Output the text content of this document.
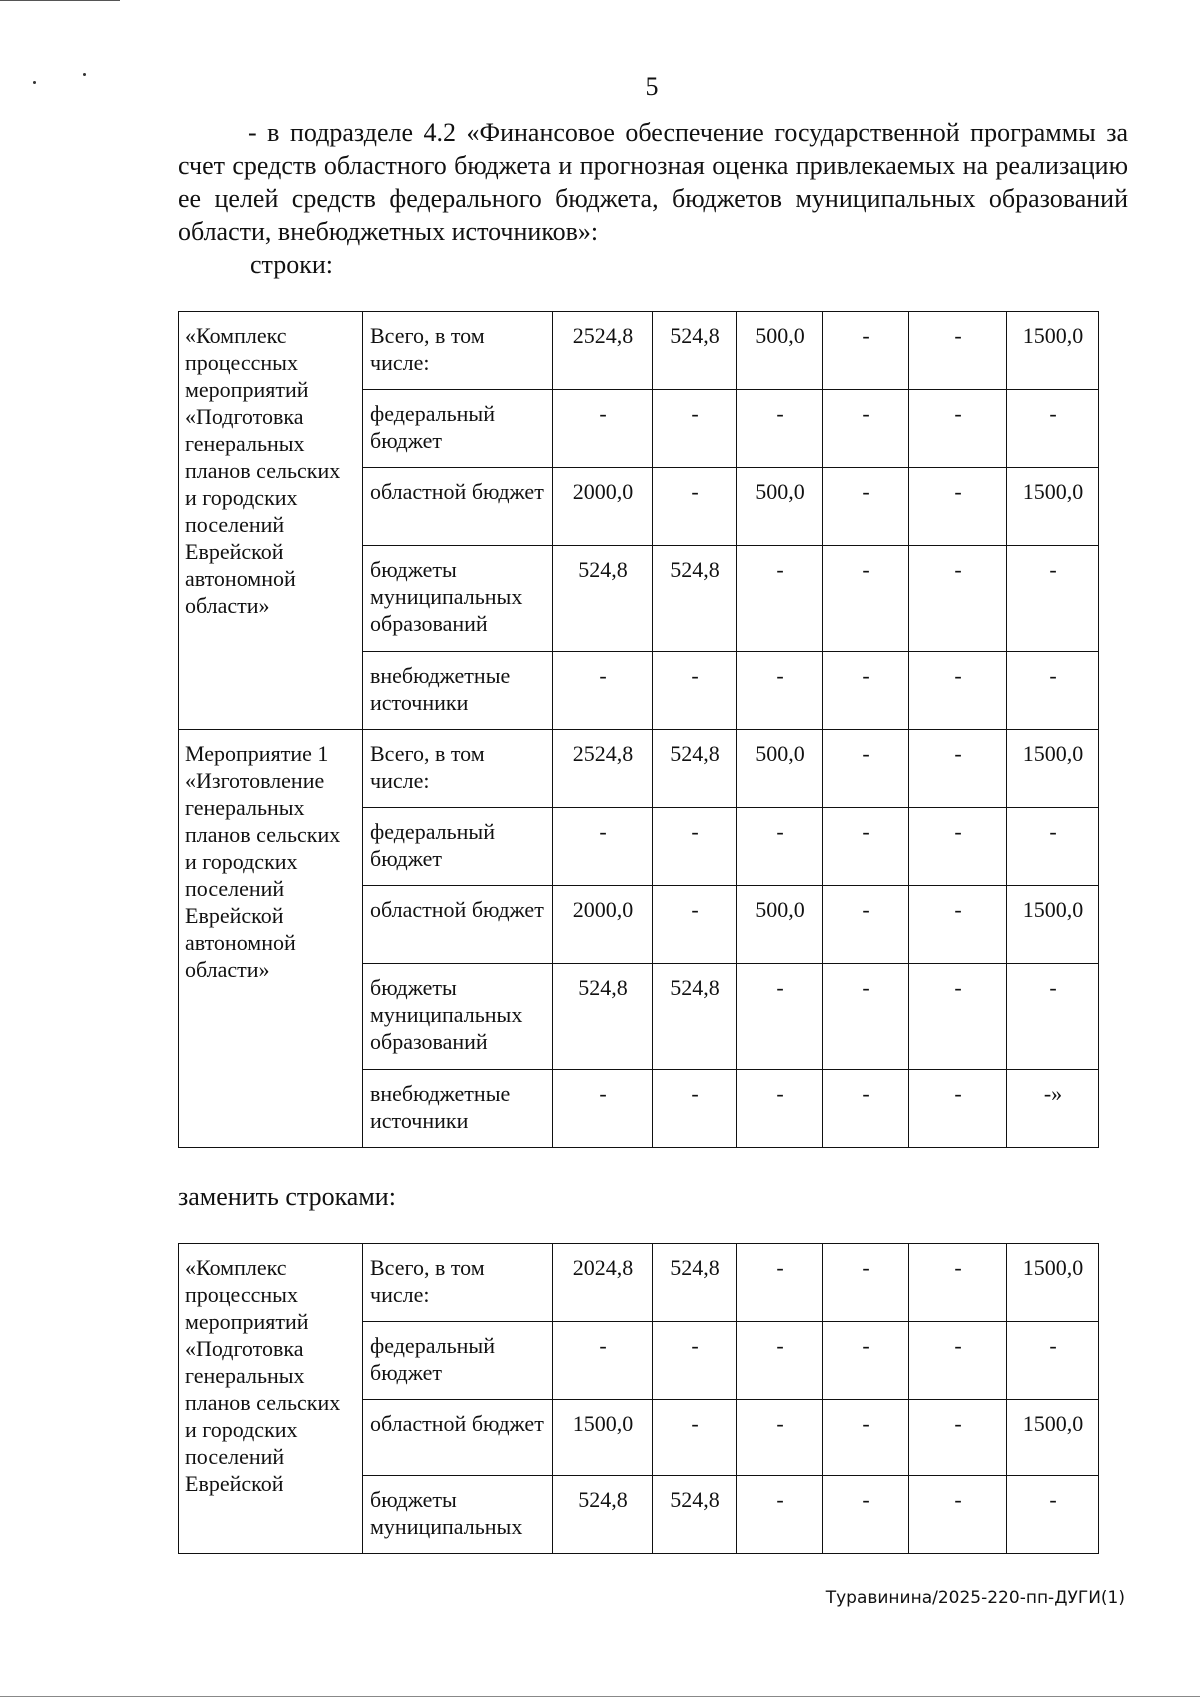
5

- в подразделе 4.2 «Финансовое обеспечение государственной программы за счет средств областного бюджета и прогнозная оценка привлекаемых на реализацию ее целей средств федерального бюджета, бюджетов муниципальных образований области, внебюджетных источников»:

строки:

«Комплекс процессных мероприятий «Подготовка генеральных планов сельских и городских поселений Еврейской автономной области»	Всего, в том числе:	2524,8	524,8	500,0	-	-	1500,0
	федеральный бюджет	-	-	-	-	-	-
	областной бюджет	2000,0	-	500,0	-	-	1500,0
	бюджеты муниципальных образований	524,8	524,8	-	-	-	-
	внебюджетные источники	-	-	-	-	-	-
Мероприятие 1 «Изготовление генеральных планов сельских и городских поселений Еврейской автономной области»	Всего, в том числе:	2524,8	524,8	500,0	-	-	1500,0
	федеральный бюджет	-	-	-	-	-	-
	областной бюджет	2000,0	-	500,0	-	-	1500,0
	бюджеты муниципальных образований	524,8	524,8	-	-	-	-
	внебюджетные источники	-	-	-	-	-	-»
заменить строками:
«Комплекс процессных мероприятий «Подготовка генеральных планов сельских и городских поселений Еврейской	Всего, в том числе:	2024,8	524,8	-	-	-	1500,0
	федеральный бюджет	-	-	-	-	-	-
	областной бюджет	1500,0	-	-	-	-	1500,0
	бюджеты муниципальных	524,8	524,8	-	-	-	-
Туравинина/2025-220-пп-ДУГИ(1)
